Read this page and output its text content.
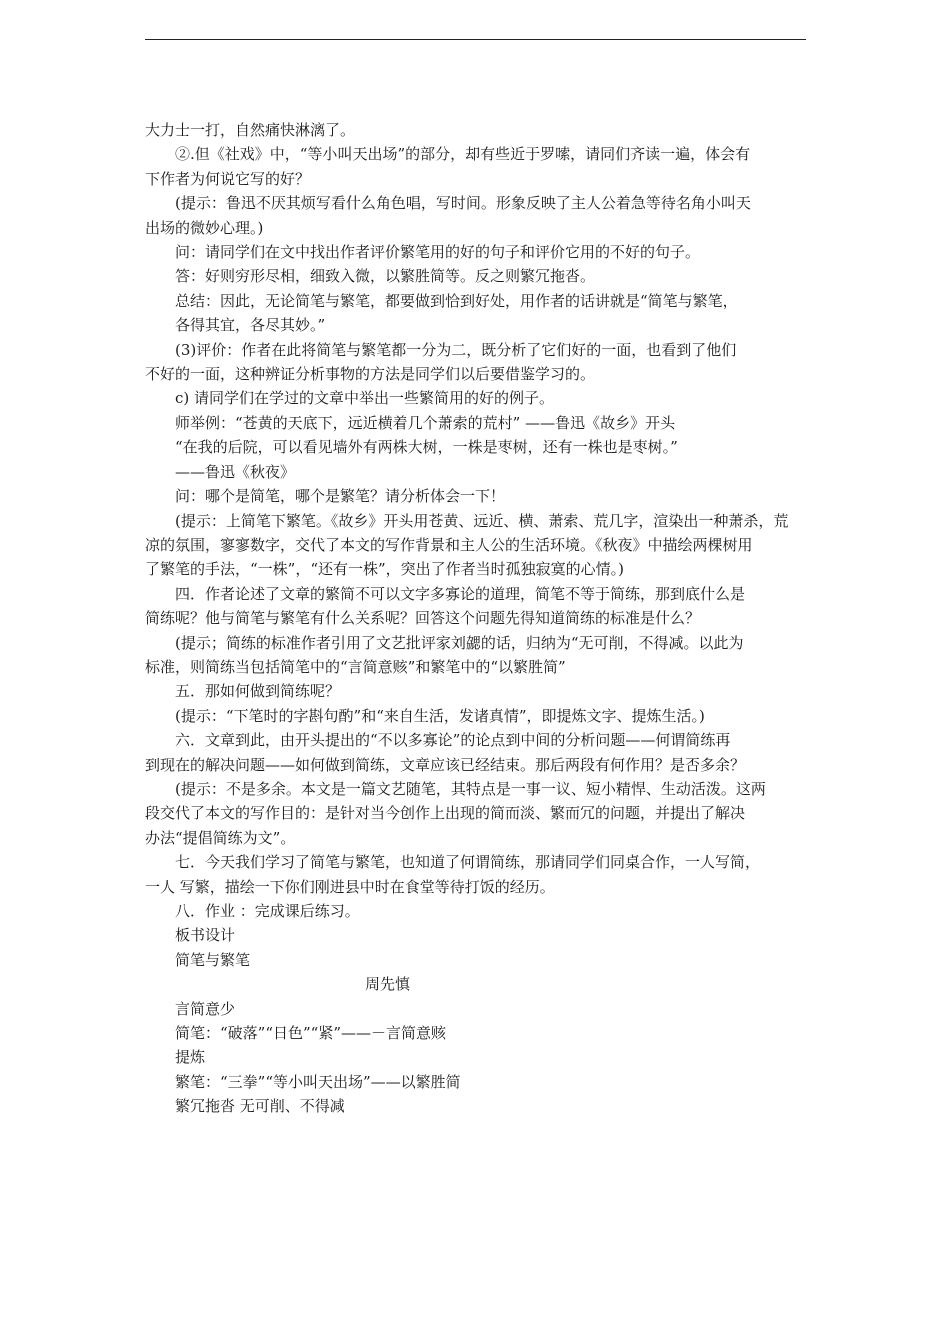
大力士一打，自然痛快淋漓了。

②.但《社戏》中，“等小叫天出场”的部分，却有些近于罗嗦，请同们齐读一遍，体会有

下作者为何说它写的好？

(提示：鲁迅不厌其烦写看什么角色唱，写时间。形象反映了主人公着急等待名角小叫天

出场的微妙心理。)

问：请同学们在文中找出作者评价繁笔用的好的句子和评价它用的不好的句子。

答：好则穷形尽相，细致入微，以繁胜简等。反之则繁冗拖沓。

总结：因此，无论简笔与繁笔，都要做到恰到好处，用作者的话讲就是“简笔与繁笔，

各得其宜，各尽其妙。”

(3)评价：作者在此将简笔与繁笔都一分为二，既分析了它们好的一面，也看到了他们

不好的一面，这种辨证分析事物的方法是同学们以后要借鉴学习的。

c) 请同学们在学过的文章中举出一些繁简用的好的例子。

师举例：“苍黄的天底下，远近横着几个萧索的荒村” ——鲁迅《故乡》开头

“在我的后院，可以看见墙外有两株大树，一株是枣树，还有一株也是枣树。”

——鲁迅《秋夜》

问：哪个是简笔，哪个是繁笔？请分析体会一下！

(提示：上简笔下繁笔。《故乡》开头用苍黄、远近、横、萧索、荒几字，渲染出一种萧杀，荒

凉的氛围，寥寥数字，交代了本文的写作背景和主人公的生活环境。《秋夜》中描绘两棵树用

了繁笔的手法，“一株”，“还有一株”，突出了作者当时孤独寂寞的心情。)

四．作者论述了文章的繁简不可以文字多寡论的道理，简笔不等于简练，那到底什么是

简练呢？他与简笔与繁笔有什么关系呢？回答这个问题先得知道简练的标准是什么？

(提示；简练的标准作者引用了文艺批评家刘勰的话，归纳为“无可削，不得减。以此为

标准，则简练当包括简笔中的“言简意赅”和繁笔中的“以繁胜简”

五．那如何做到简练呢？

(提示：“下笔时的字斟句酌”和“来自生活，发诸真情”，即提炼文字、提炼生活。)

六．文章到此，由开头提出的“不以多寡论”的论点到中间的分析问题——何谓简练再

到现在的解决问题——如何做到简练，文章应该已经结束。那后两段有何作用？是否多余？

(提示：不是多余。本文是一篇文艺随笔，其特点是一事一议、短小精悍、生动活泼。这两

段交代了本文的写作目的：是针对当今创作上出现的简而淡、繁而冗的问题，并提出了解决

办法“提倡简练为文”。

七．今天我们学习了简笔与繁笔，也知道了何谓简练，那请同学们同桌合作，一人写简，

一人 写繁，描绘一下你们刚进县中时在食堂等待打饭的经历。

八．作业 ：完成课后练习。

板书设计

简笔与繁笔

周先慎

言简意少

简笔：“破落”“日色”“紧”——－言简意赅

提炼

繁笔：“三拳”“等小叫天出场”——以繁胜简

繁冗拖沓 无可削、不得减
